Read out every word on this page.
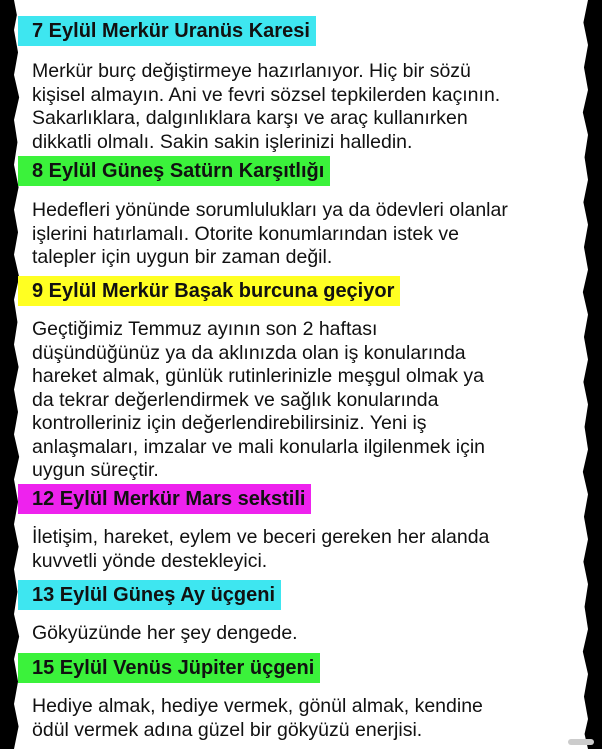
7 Eylül Merkür Uranüs Karesi
Merkür burç değiştirmeye hazırlanıyor. Hiç bir sözü
kişisel almayın. Ani ve fevri sözsel tepkilerden kaçının.
Sakarlıklara, dalgınlıklara karşı ve araç kullanırken
dikkatli olmalı. Sakin sakin işlerinizi halledin.
8 Eylül Güneş Satürn Karşıtlığı
Hedefleri yönünde sorumlulukları ya da ödevleri olanlar
işlerini hatırlamalı. Otorite konumlarından istek ve
talepler için uygun bir zaman değil.
9 Eylül Merkür Başak burcuna geçiyor
Geçtiğimiz Temmuz ayının son 2 haftası
düşündüğünüz ya da aklınızda olan iş konularında
hareket almak, günlük rutinlerinizle meşgul olmak ya
da tekrar değerlendirmek ve sağlık konularında
kontrolleriniz için değerlendirebilirsiniz. Yeni iş
anlaşmaları, imzalar ve mali konularla ilgilenmek için
uygun süreçtir.
12 Eylül Merkür Mars sekstili
İletişim, hareket, eylem ve beceri gereken her alanda
kuvvetli yönde destekleyici.
13 Eylül Güneş Ay üçgeni
Gökyüzünde her şey dengede.
15 Eylül Venüs Jüpiter üçgeni
Hediye almak, hediye vermek, gönül almak, kendine
ödül vermek adına güzel bir gökyüzü enerjisi.
